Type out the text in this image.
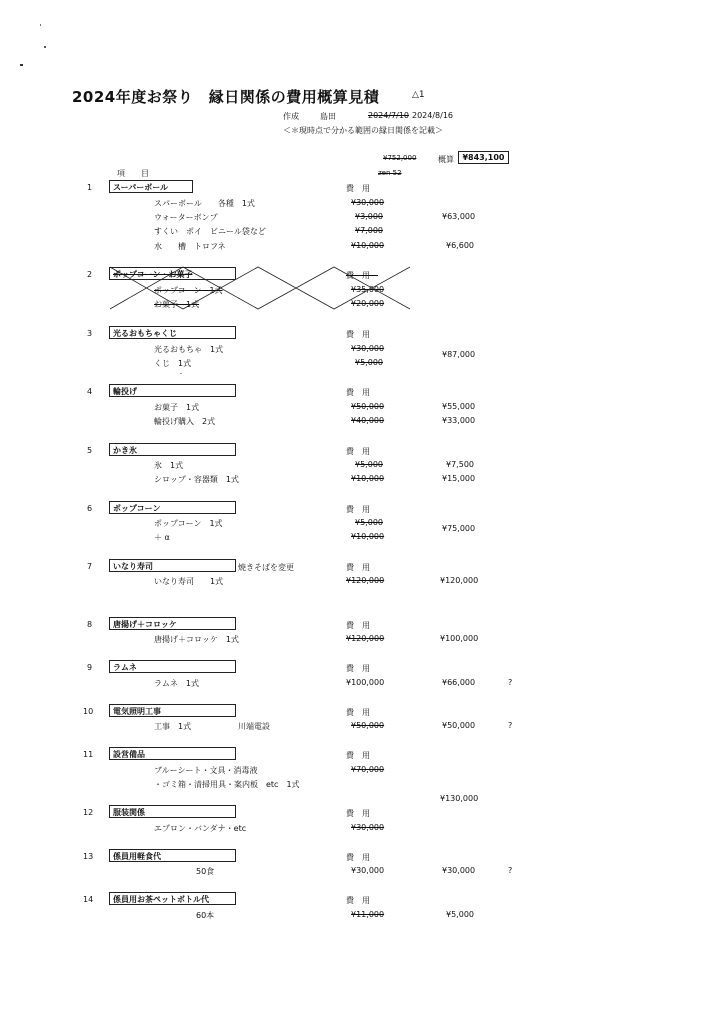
2024年度お祭り　縁日関係の費用概算見積	△1
作成	島田	2024/7/10 2024/8/16
＜＊現時点で分かる範囲の縁日関係を記載＞
¥752,000	概算	¥843,100
zen 52
項　　目
1	スーパーボール	費用
スパーボール　　各種　1式	¥30,000
ウォーターボンプ	¥3,000	¥63,000
すくい　ポイ　ビニール袋など	¥7,000
水　　槽　トロフネ	¥10,000	¥6,600
2	ポップコーン・お菓子	費用
ポップコーン　1式	¥35,000
お菓子　1式	¥20,000
3	光るおもちゃくじ	費用
光るおもちゃ　1式	¥30,000
くじ　1式	¥5,000
¥87,000
4	輪投げ	費用
お菓子　1式	¥50,000	¥55,000
輪投げ購入　2式	¥40,000	¥33,000
5	かき氷	費用
氷　1式	¥5,000	¥7,500
シロップ・容器類　1式	¥10,000	¥15,000
6	ポップコーン	費用
ポップコーン　1式	¥5,000
＋ α	¥10,000
¥75,000
7	いなり寿司	焼きそばを変更	費用
いなり寿司　　1式	¥120,000	¥120,000
8	唐揚げ＋コロッケ	費用
唐揚げ＋コロッケ　1式	¥120,000	¥100,000
9	ラムネ	費用
ラムネ　1式	¥100,000	¥66,000	?
10	電気照明工事	費用
工事　1式	川端電設	¥50,000	¥50,000	?
11	設営備品	費用
ブルーシート・文具・消毒液	¥70,000
・ゴミ箱・清掃用具・案内板　etc　1式
¥130,000
12	服装関係	費用
エプロン・バンダナ・etc	¥30,000
13	係員用軽食代	費用
50食	¥30,000	¥30,000	?
14	係員用お茶ペットボトル代	費用
60本	¥11,000	¥5,000
